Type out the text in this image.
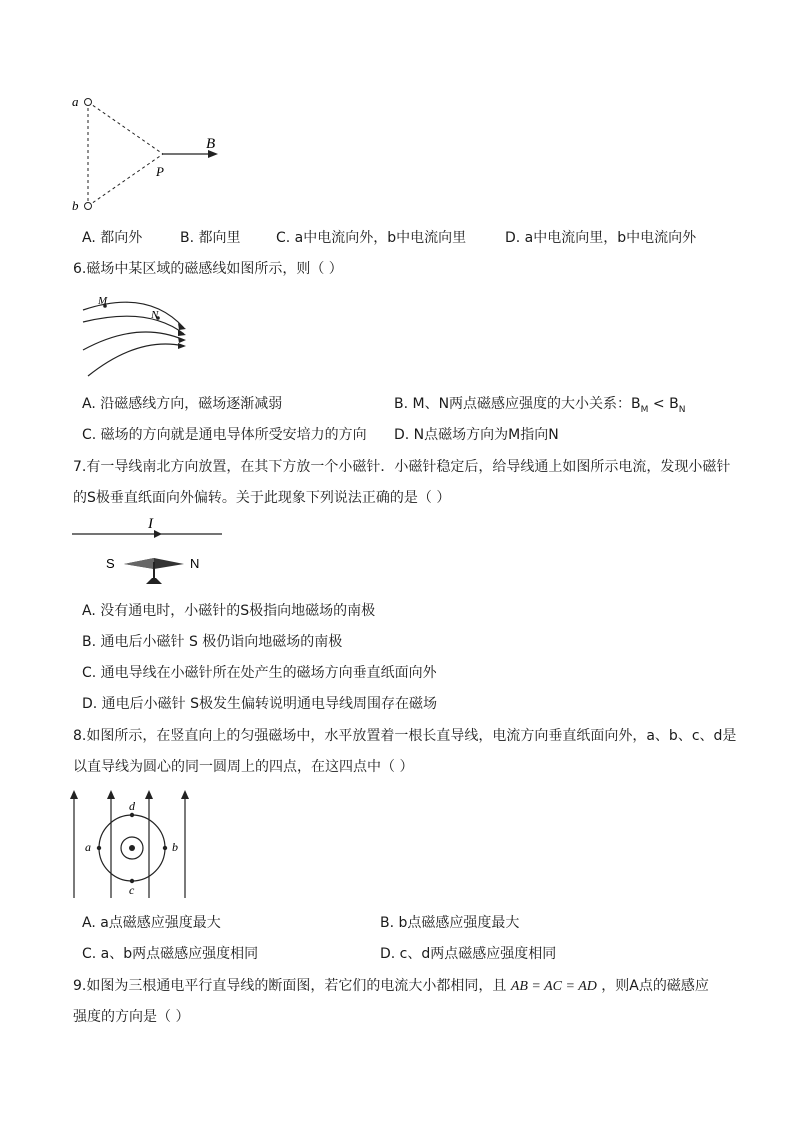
a
b
P
B
A. 都向外	B. 都向里	C. a中电流向外，b中电流向里	D. a中电流向里，b中电流向外
6.磁场中某区域的磁感线如图所示，则（ ）
M
N
A. 沿磁感线方向，磁场逐渐减弱	B. M、N两点磁感应强度的大小关系：$B_M < B_N$
C. 磁场的方向就是通电导体所受安培力的方向 D. N点磁场方向为M指向N
7.有一导线南北方向放置，在其下方放一个小磁针．小磁针稳定后，给导线通上如图所示电流，发现小磁针
的S极垂直纸面向外偏转。关于此现象下列说法正确的是（ ）
I
S	N
A. 没有通电时，小磁针的S极指向地磁场的南极
B. 通电后小磁针 S 极仍诣向地磁场的南极
C. 通电导线在小磁针所在处产生的磁场方向垂直纸面向外
D. 通电后小磁针 S极发生偏转说明通电导线周围存在磁场
8.如图所示，在竖直向上的匀强磁场中，水平放置着一根长直导线，电流方向垂直纸面向外，a、b、c、d是
以直导线为圆心的同一圆周上的四点，在这四点中（ ）
d
c
a	b
A. a点磁感应强度最大	B. b点磁感应强度最大
C. a、b两点磁感应强度相同	D. c、d两点磁感应强度相同
9.如图为三根通电平行直导线的断面图，若它们的电流大小都相同，且 AB = AC = AD ，则A点的磁感应
强度的方向是（ ）
